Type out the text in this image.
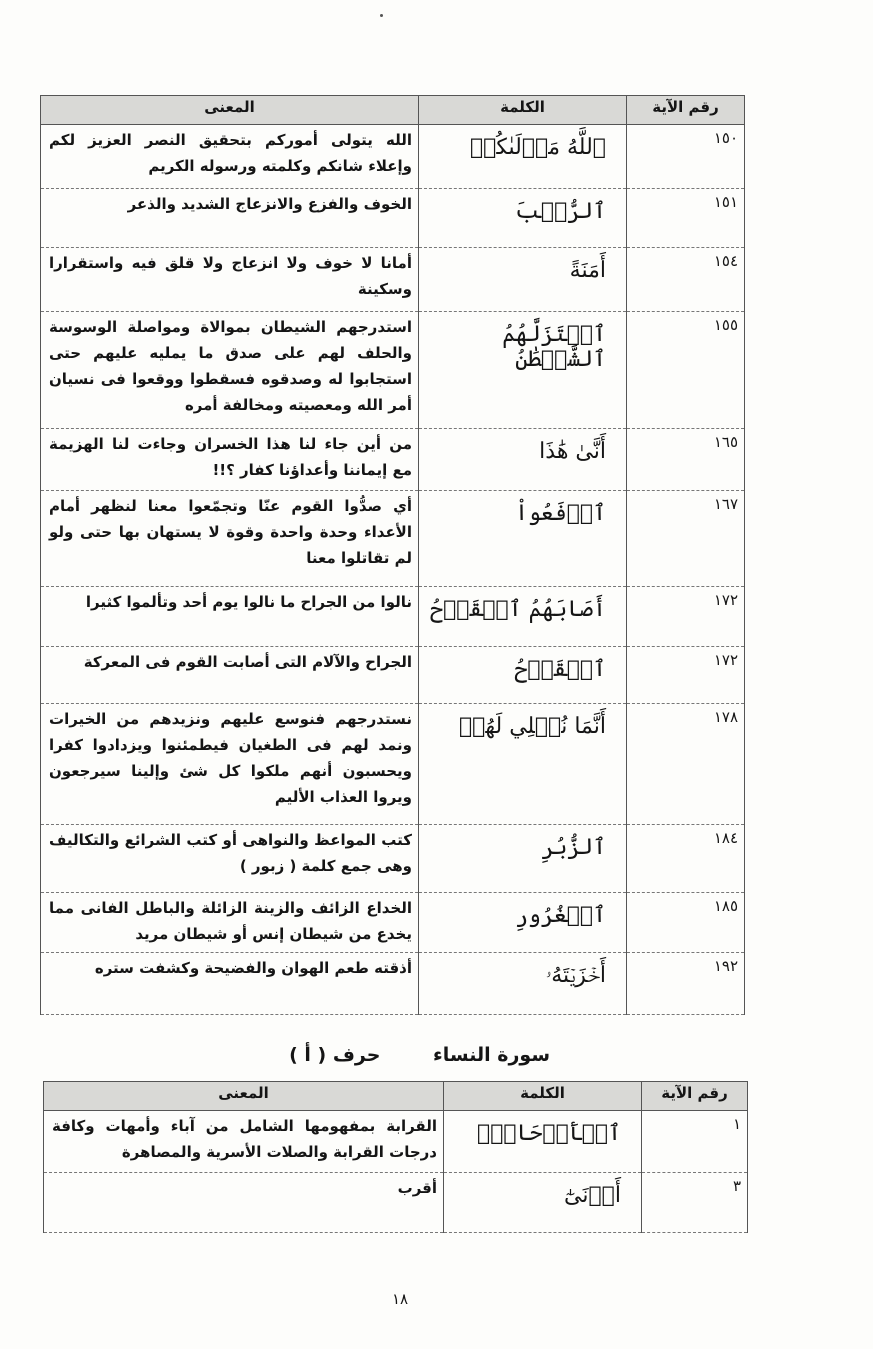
رقم الآية	الكلمة	المعنى
١٥٠	ٱللَّهُ مَوۡلَىٰكُمۡ	الله يتولى أموركم بتحقيق النصر العزيز لكم وإعلاء شانكم وكلمته ورسوله الكريم
١٥١	ٱلرُّعۡبَ	الخوف والفزع والانزعاج الشديد والذعر
١٥٤	أَمَنَةً	أمانا لا خوف ولا انزعاج ولا قلق فيه واستقرارا وسكينة
١٥٥	ٱسۡتَزَلَّهُمُ ٱلشَّيۡطَٰنُ	استدرجهم الشيطان بموالاة ومواصلة الوسوسة والحلف لهم على صدق ما يمليه عليهم حتى استجابوا له وصدقوه فسقطوا ووقعوا فى نسيان أمر الله ومعصيته ومخالفة أمره
١٦٥	أَنَّىٰ هَٰذَا	من أين جاء لنا هذا الخسران وجاءت لنا الهزيمة مع إيماننا وأعداؤنا كفار ؟!!
١٦٧	ٱدۡفَعُواْ	أي صدُّوا القوم عنّا وتجمّعوا معنا لنظهر أمام الأعداء وحدة واحدة وقوة لا يستهان بها حتى ولو لم تقاتلوا معنا
١٧٢	أَصَابَهُمُ ٱلۡقَرۡحُ	نالوا من الجراح ما نالوا يوم أحد وتألموا كثيرا
١٧٢	ٱلۡقَرۡحُ	الجراح والآلام التى أصابت القوم فى المعركة
١٧٨	أَنَّمَا نُمۡلِي لَهُمۡ	نستدرجهم فنوسع عليهم ونزيدهم من الخيرات ونمد لهم فى الطغيان فيطمئنوا ويزدادوا كفرا ويحسبون أنهم ملكوا كل شئ وإلينا سيرجعون ويروا العذاب الأليم
١٨٤	ٱلزُّبُرِ	كتب المواعظ والنواهى أو كتب الشرائع والتكاليف وهى جمع كلمة ( زبور )
١٨٥	ٱلۡغُرُورِ	الخداع الزائف والزينة الزائلة والباطل الفانى مما يخدع من شيطان إنس أو شيطان مريد
١٩٢	أَخۡزَيۡتَهُۥ	أذقته طعم الهوان والفضيحة وكشفت ستره
سورة النساء حرف ( أ )
رقم الآية	الكلمة	المعنى
١	ٱلۡأَرۡحَامَۚ	القرابة بمفهومها الشامل من آباء وأمهات وكافة درجات القرابة والصلات الأسرية والمصاهرة
٣	أَدۡنَىٰٓ	أقرب
١٨
